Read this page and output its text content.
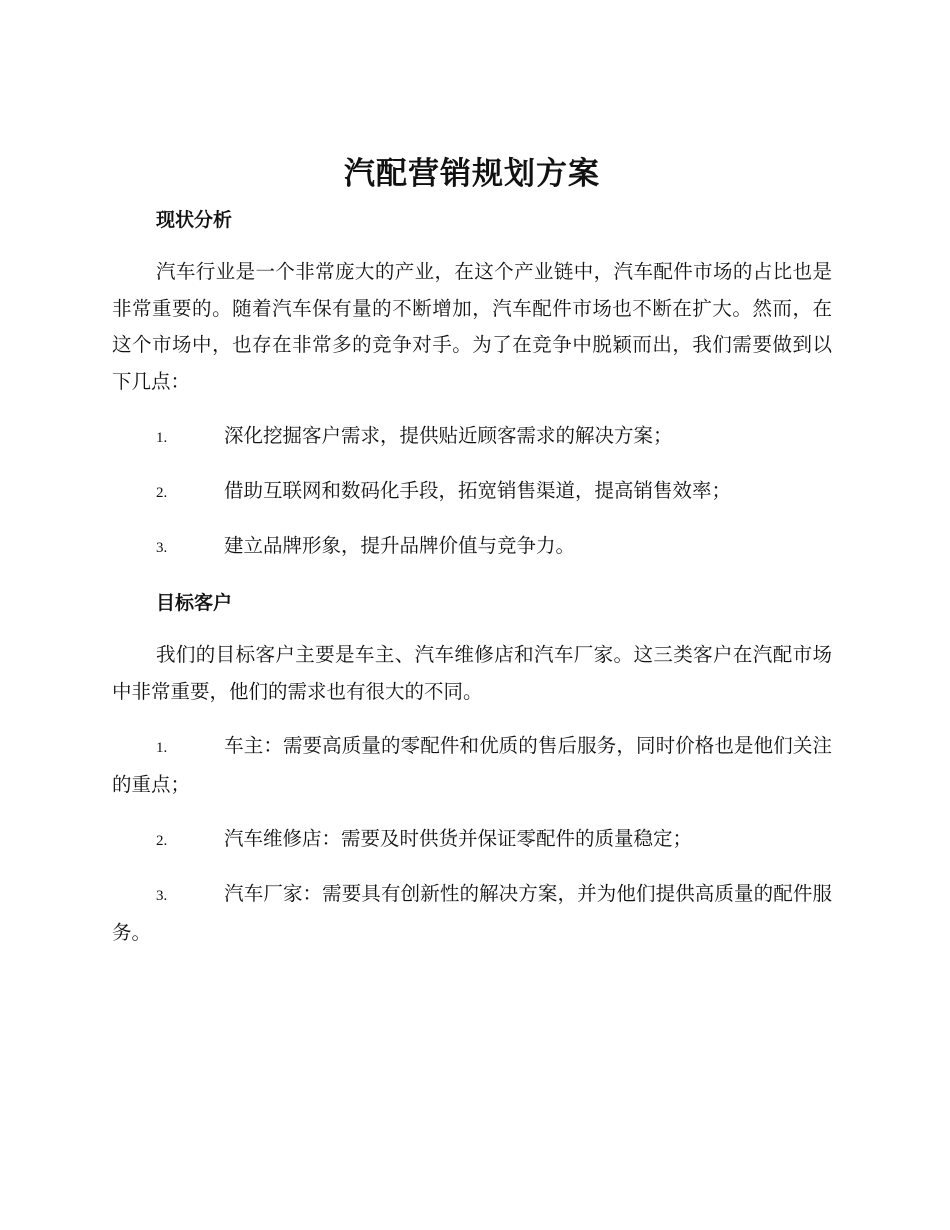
汽配营销规划方案
现状分析

汽车行业是一个非常庞大的产业，在这个产业链中，汽车配件市场的占比也是非常重要的。随着汽车保有量的不断增加，汽车配件市场也不断在扩大。然而，在这个市场中，也存在非常多的竞争对手。为了在竞争中脱颖而出，我们需要做到以下几点：

1.	深化挖掘客户需求，提供贴近顾客需求的解决方案；
2.	借助互联网和数码化手段，拓宽销售渠道，提高销售效率；
3.	建立品牌形象，提升品牌价值与竞争力。
目标客户

我们的目标客户主要是车主、汽车维修店和汽车厂家。这三类客户在汽配市场中非常重要，他们的需求也有很大的不同。

1.	车主：需要高质量的零配件和优质的售后服务，同时价格也是他们关注的重点；
2.	汽车维修店：需要及时供货并保证零配件的质量稳定；
3.	汽车厂家：需要具有创新性的解决方案，并为他们提供高质量的配件服务。
